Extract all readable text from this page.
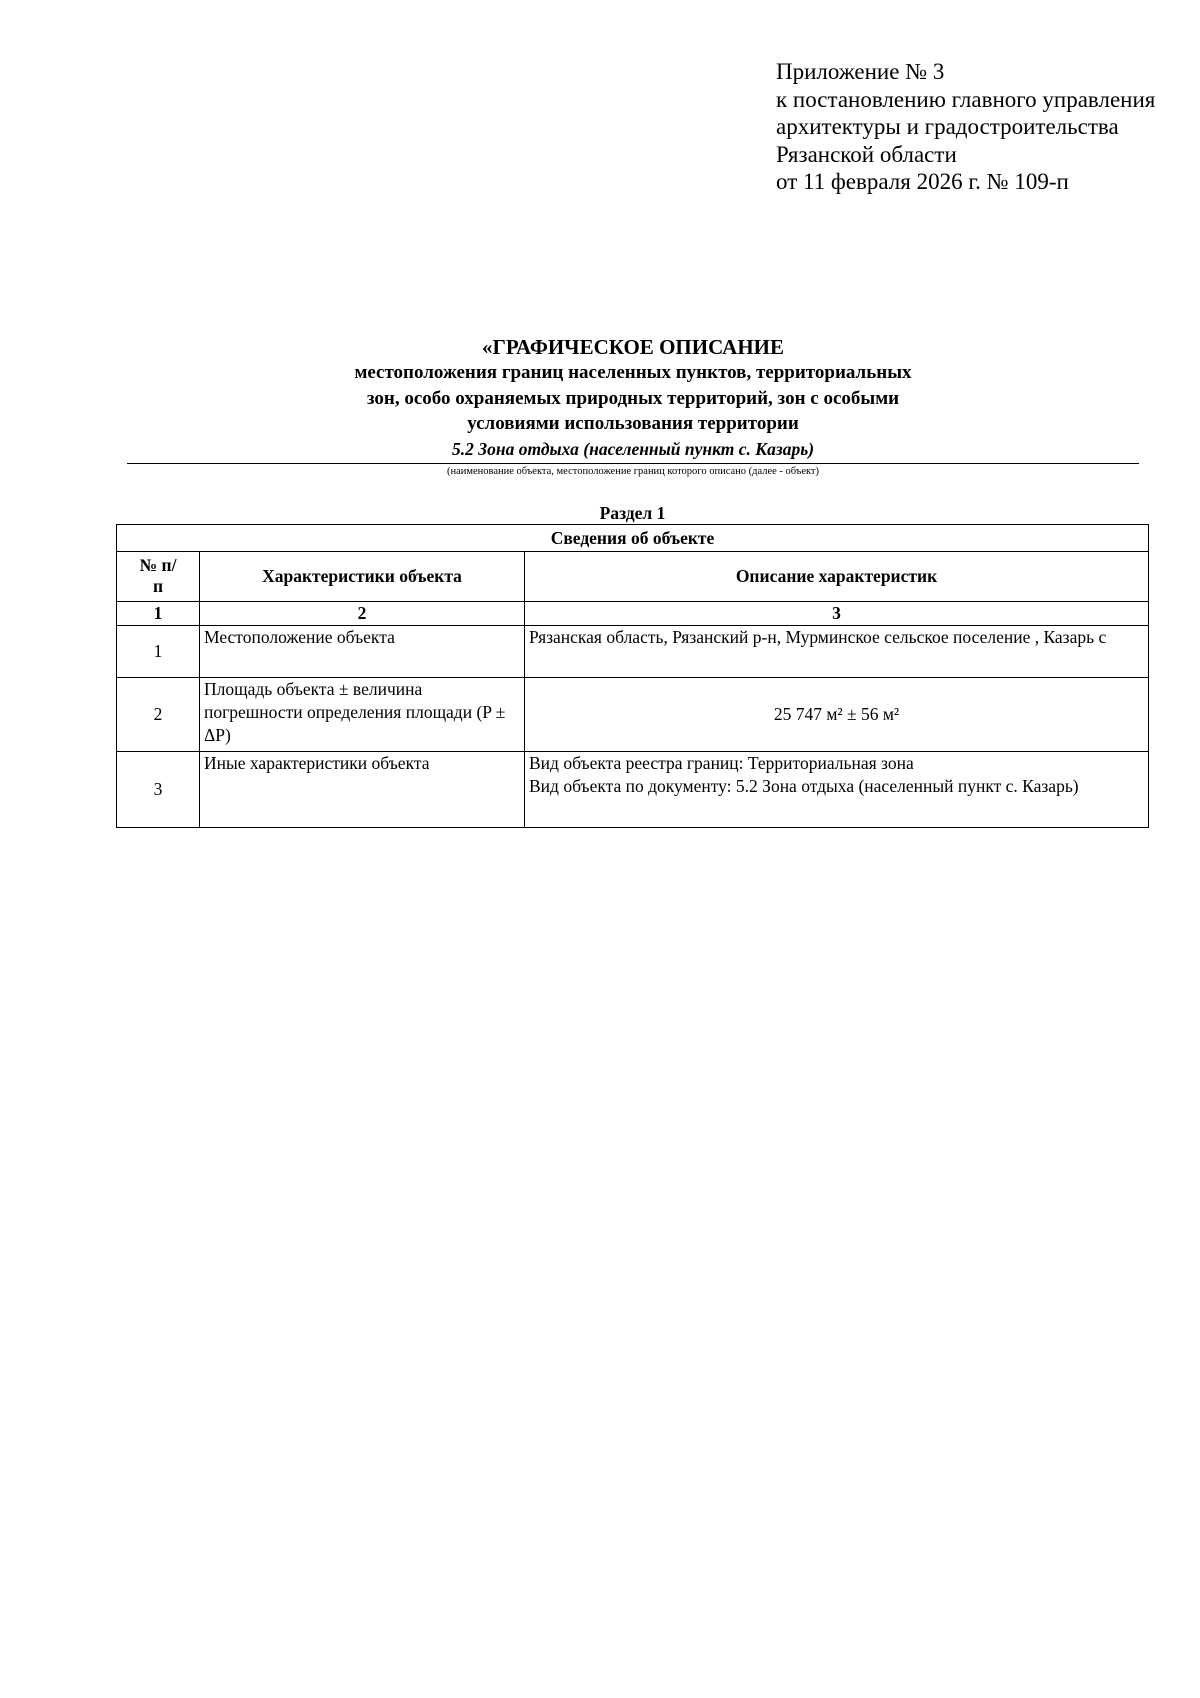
Приложение № 3
к постановлению главного управления
архитектуры и градостроительства
Рязанской области
от 11 февраля 2026 г. № 109-п
«ГРАФИЧЕСКОЕ ОПИСАНИЕ
местоположения границ населенных пунктов, территориальных
зон, особо охраняемых природных территорий, зон с особыми
условиями использования территории
5.2 Зона отдыха (населенный пункт с. Казарь)
(наименование объекта, местоположение границ которого описано (далее - объект)
Раздел 1
Сведения об объекте		
№ п/п	Характеристики объекта	Описание характеристик
1	2	3
1	Местоположение объекта	Рязанская область, Рязанский р-н, Мурминское сельское поселение , Казарь с

2	Площадь объекта ± величина погрешности определения площади (P ± ΔP)	25 747 м² ± 56 м²

3	Иные характеристики объекта	Вид объекта реестра границ: Территориальная зона
Вид объекта по документу: 5.2 Зона отдыха (населенный пункт с. Казарь)
